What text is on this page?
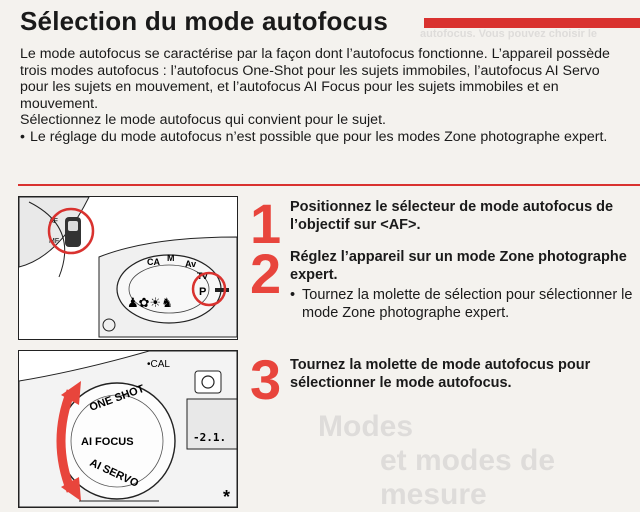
autofocus. Vous pouvez choisir le
Modes
et modes de mesure
Sélection du mode autofocus

Le mode autofocus se caractérise par la façon dont l’autofocus fonctionne. L’appareil possède trois modes autofocus : l’autofocus One-Shot pour les sujets immobiles, l’autofocus AI Servo pour les sujets en mouvement, et l’autofocus AI Focus pour les sujets immobiles et en mouvement.

Sélectionnez le mode autofocus qui convient pour le sujet.

• Le réglage du mode autofocus n’est possible que pour les modes Zone photographe expert.
AF
MF
CA M
Av
Tv
P
♟✿☀♞
•CAL
-2.1.
ONE SHOT
AI FOCUS
AI SERVO
*
1 Positionnez le sélecteur de mode autofocus de l’objectif sur <AF>.
2 Réglez l’appareil sur un mode Zone photographe expert.
• Tournez la molette de sélection pour sélectionner le mode Zone photographe expert.
3 Tournez la molette de mode autofocus pour sélectionner le mode autofocus.
